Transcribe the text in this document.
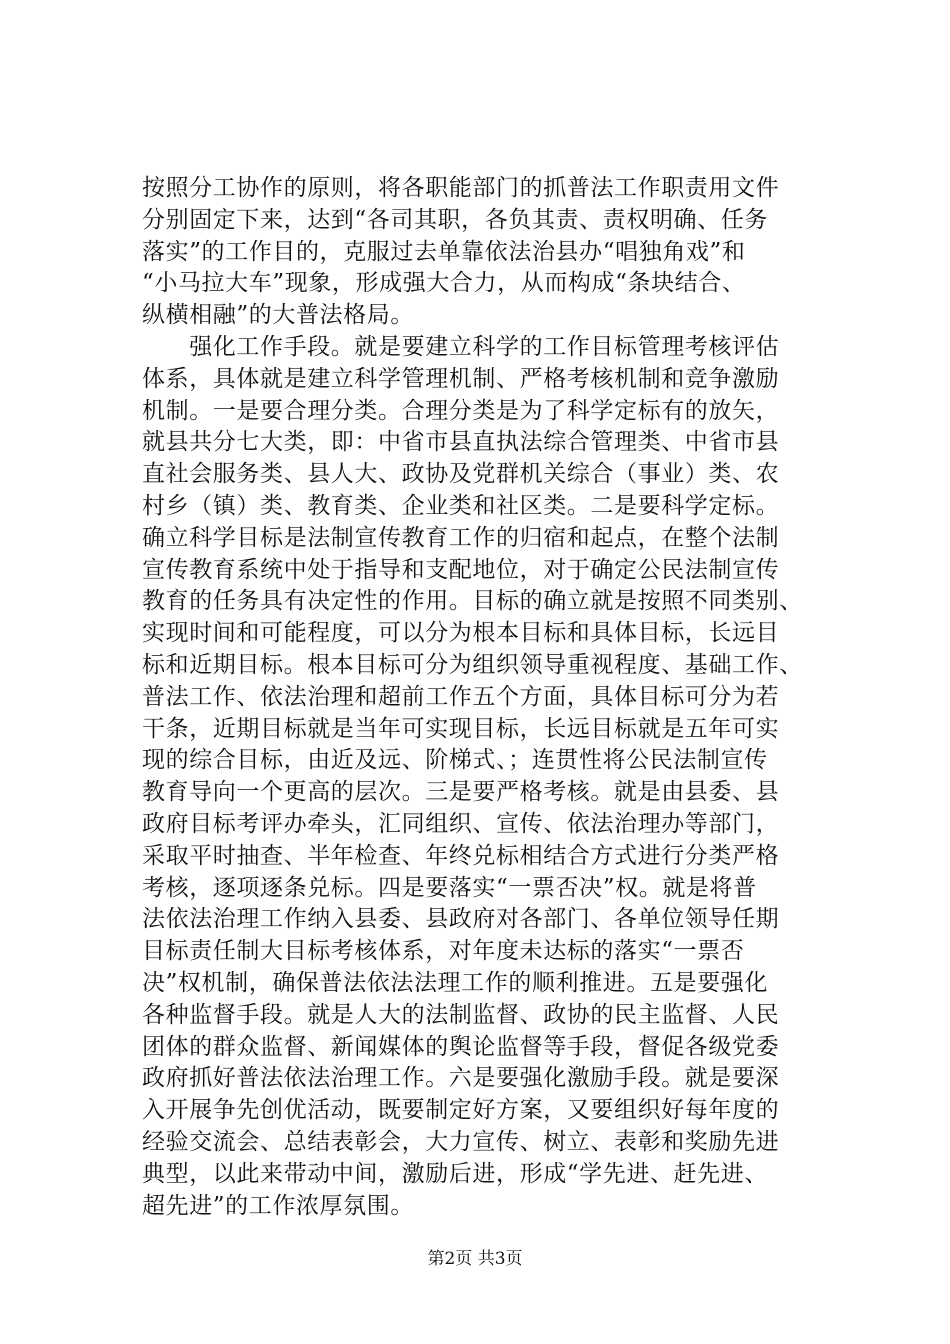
按照分工协作的原则，将各职能部门的抓普法工作职责用文件
分别固定下来，达到“各司其职，各负其责、责权明确、任务
落实”的工作目的，克服过去单靠依法治县办“唱独角戏”和
“小马拉大车”现象，形成强大合力，从而构成“条块结合、
纵横相融”的大普法格局。
　　强化工作手段。就是要建立科学的工作目标管理考核评估
体系，具体就是建立科学管理机制、严格考核机制和竞争激励
机制。一是要合理分类。合理分类是为了科学定标有的放矢，
就县共分七大类，即：中省市县直执法综合管理类、中省市县
直社会服务类、县人大、政协及党群机关综合（事业）类、农
村乡（镇）类、教育类、企业类和社区类。二是要科学定标。
确立科学目标是法制宣传教育工作的归宿和起点，在整个法制
宣传教育系统中处于指导和支配地位，对于确定公民法制宣传
教育的任务具有决定性的作用。目标的确立就是按照不同类别、
实现时间和可能程度，可以分为根本目标和具体目标，长远目
标和近期目标。根本目标可分为组织领导重视程度、基础工作、
普法工作、依法治理和超前工作五个方面，具体目标可分为若
干条，近期目标就是当年可实现目标，长远目标就是五年可实
现的综合目标，由近及远、阶梯式、；连贯性将公民法制宣传
教育导向一个更高的层次。三是要严格考核。就是由县委、县
政府目标考评办牵头，汇同组织、宣传、依法治理办等部门，
采取平时抽查、半年检查、年终兑标相结合方式进行分类严格
考核，逐项逐条兑标。四是要落实“一票否决”权。就是将普
法依法治理工作纳入县委、县政府对各部门、各单位领导任期
目标责任制大目标考核体系，对年度未达标的落实“一票否
决”权机制，确保普法依法法理工作的顺利推进。五是要强化
各种监督手段。就是人大的法制监督、政协的民主监督、人民
团体的群众监督、新闻媒体的舆论监督等手段，督促各级党委
政府抓好普法依法治理工作。六是要强化激励手段。就是要深
入开展争先创优活动，既要制定好方案，又要组织好每年度的
经验交流会、总结表彰会，大力宣传、树立、表彰和奖励先进
典型，以此来带动中间，激励后进，形成“学先进、赶先进、
超先进”的工作浓厚氛围。
第2页 共3页
